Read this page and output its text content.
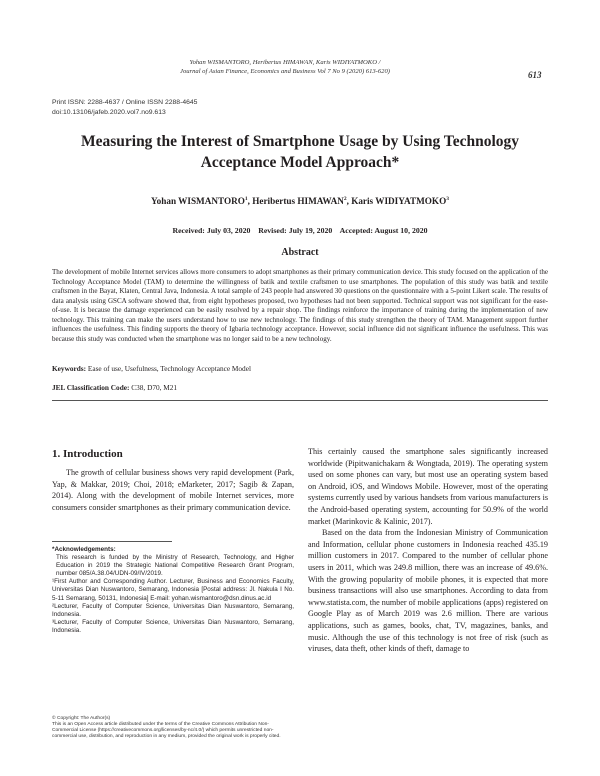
Yohan WISMANTORO, Heribertus HIMAWAN, Karis WIDIYATMOKO /
Journal of Asian Finance, Economics and Business Vol 7 No 9 (2020) 613-620)	613
Print ISSN: 2288-4637 / Online ISSN 2288-4645
doi:10.13106/jafeb.2020.vol7.no9.613
Measuring the Interest of Smartphone Usage by Using Technology
Acceptance Model Approach*
Yohan WISMANTORO$^1$, Heribertus HIMAWAN$^2$, Karis WIDIYATMOKO$^3$
Received: July 03, 2020    Revised: July 19, 2020    Accepted: August 10, 2020
Abstract
The development of mobile Internet services allows more consumers to adopt smartphones as their primary communication device. This study focused on the application of the Technology Acceptance Model (TAM) to determine the willingness of batik and textile craftsmen to use smartphones. The population of this study was batik and textile craftsmen in the Bayat, Klaten, Central Java, Indonesia. A total sample of 243 people had answered 30 questions on the questionnaire with a 5-point Likert scale. The results of data analysis using GSCA software showed that, from eight hypotheses proposed, two hypotheses had not been supported. Technical support was not significant for the ease-of-use. It is because the damage experienced can be easily resolved by a repair shop. The findings reinforce the importance of training during the implementation of new technology. This training can make the users understand how to use new technology. The findings of this study strengthen the theory of TAM. Management support further influences the usefulness. This finding supports the theory of Igbaria technology acceptance. However, social influence did not significant influence the usefulness. This was because this study was conducted when the smartphone was no longer said to be a new technology.
Keywords: Ease of use, Usefulness, Technology Acceptance Model
JEL Classification Code: C38, D70, M21
1. Introduction

The growth of cellular business shows very rapid development (Park, Yap, & Makkar, 2019; Choi, 2018; eMarketer, 2017; Sagib & Zapan, 2014). Along with the development of mobile Internet services, more consumers consider smartphones as their primary communication device.

*Acknowledgements:

This research is funded by the Ministry of Research, Technology, and Higher Education in 2019 the Strategic National Competitive Research Grant Program, number 085/A.38.04/UDN-09/IV/2019.

¹First Author and Corresponding Author. Lecturer, Business and Economics Faculty, Universitas Dian Nuswantoro, Semarang, Indonesia [Postal address: Jl. Nakula I No. 5-11 Semarang, 50131, Indonesia] E-mail: yohan.wismantoro@dsn.dinus.ac.id

²Lecturer, Faculty of Computer Science, Universitas Dian Nuswantoro, Semarang, Indonesia.

³Lecturer, Faculty of Computer Science, Universitas Dian Nuswantoro, Semarang, Indonesia.

© Copyright: The Author(s)

This is an Open Access article distributed under the terms of the Creative Commons Attribution Non-Commercial License (https://creativecommons.org/licenses/by-nc/4.0/) which permits unrestricted non-commercial use, distribution, and reproduction in any medium, provided the original work is properly cited.

This certainly caused the smartphone sales significantly increased worldwide (Pipitwanichakarn & Wongtada, 2019). The operating system used on some phones can vary, but most use an operating system based on Android, iOS, and Windows Mobile. However, most of the operating systems currently used by various handsets from various manufacturers is the Android-based operating system, accounting for 50.9% of the world market (Marinkovic & Kalinic, 2017).

Based on the data from the Indonesian Ministry of Communication and Information, cellular phone customers in Indonesia reached 435.19 million customers in 2017. Compared to the number of cellular phone users in 2011, which was 249.8 million, there was an increase of 49.6%. With the growing popularity of mobile phones, it is expected that more business transactions will also use smartphones. According to data from www.statista.com, the number of mobile applications (apps) registered on Google Play as of March 2019 was 2.6 million. There are various applications, such as games, books, chat, TV, magazines, banks, and music. Although the use of this technology is not free of risk (such as viruses, data theft, other kinds of theft, damage to
